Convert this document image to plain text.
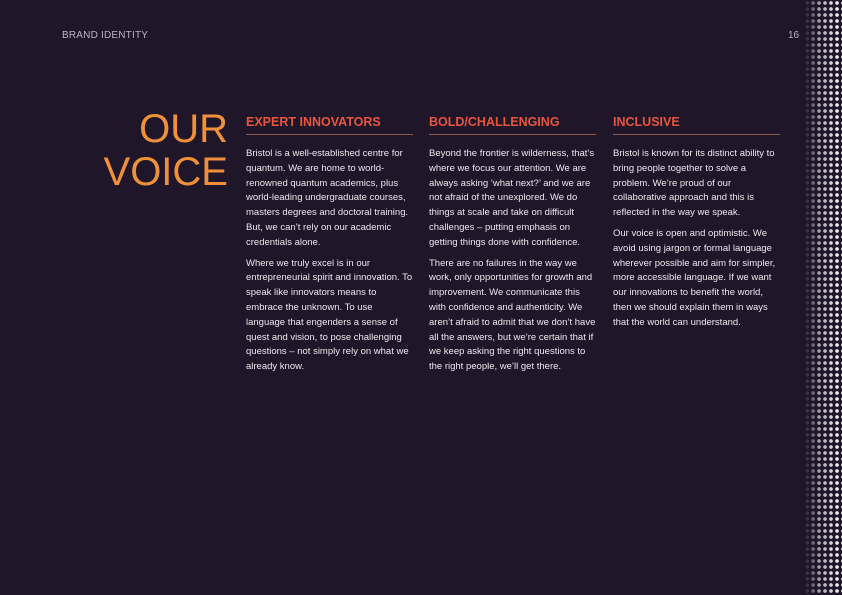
BRAND IDENTITY	16
OUR
VOICE
EXPERT INNOVATORS

Bristol is a well-established centre for quantum. We are home to world-renowned quantum academics, plus world-leading undergraduate courses, masters degrees and doctoral training. But, we can’t rely on our academic credentials alone.

Where we truly excel is in our entrepreneurial spirit and innovation. To speak like innovators means to embrace the unknown. To use language that engenders a sense of quest and vision, to pose challenging questions – not simply rely on what we already know.

BOLD/CHALLENGING

Beyond the frontier is wilderness, that’s where we focus our attention. We are always asking ‘what next?’ and we are not afraid of the unexplored. We do things at scale and take on difficult challenges – putting emphasis on getting things done with confidence.

There are no failures in the way we work, only opportunities for growth and improvement. We communicate this with confidence and authenticity. We aren’t afraid to admit that we don’t have all the answers, but we’re certain that if we keep asking the right questions to the right people, we’ll get there.

INCLUSIVE

Bristol is known for its distinct ability to bring people together to solve a problem. We’re proud of our collaborative approach and this is reflected in the way we speak.

Our voice is open and optimistic. We avoid using jargon or formal language wherever possible and aim for simpler, more accessible language. If we want our innovations to benefit the world, then we should explain them in ways that the world can understand.
